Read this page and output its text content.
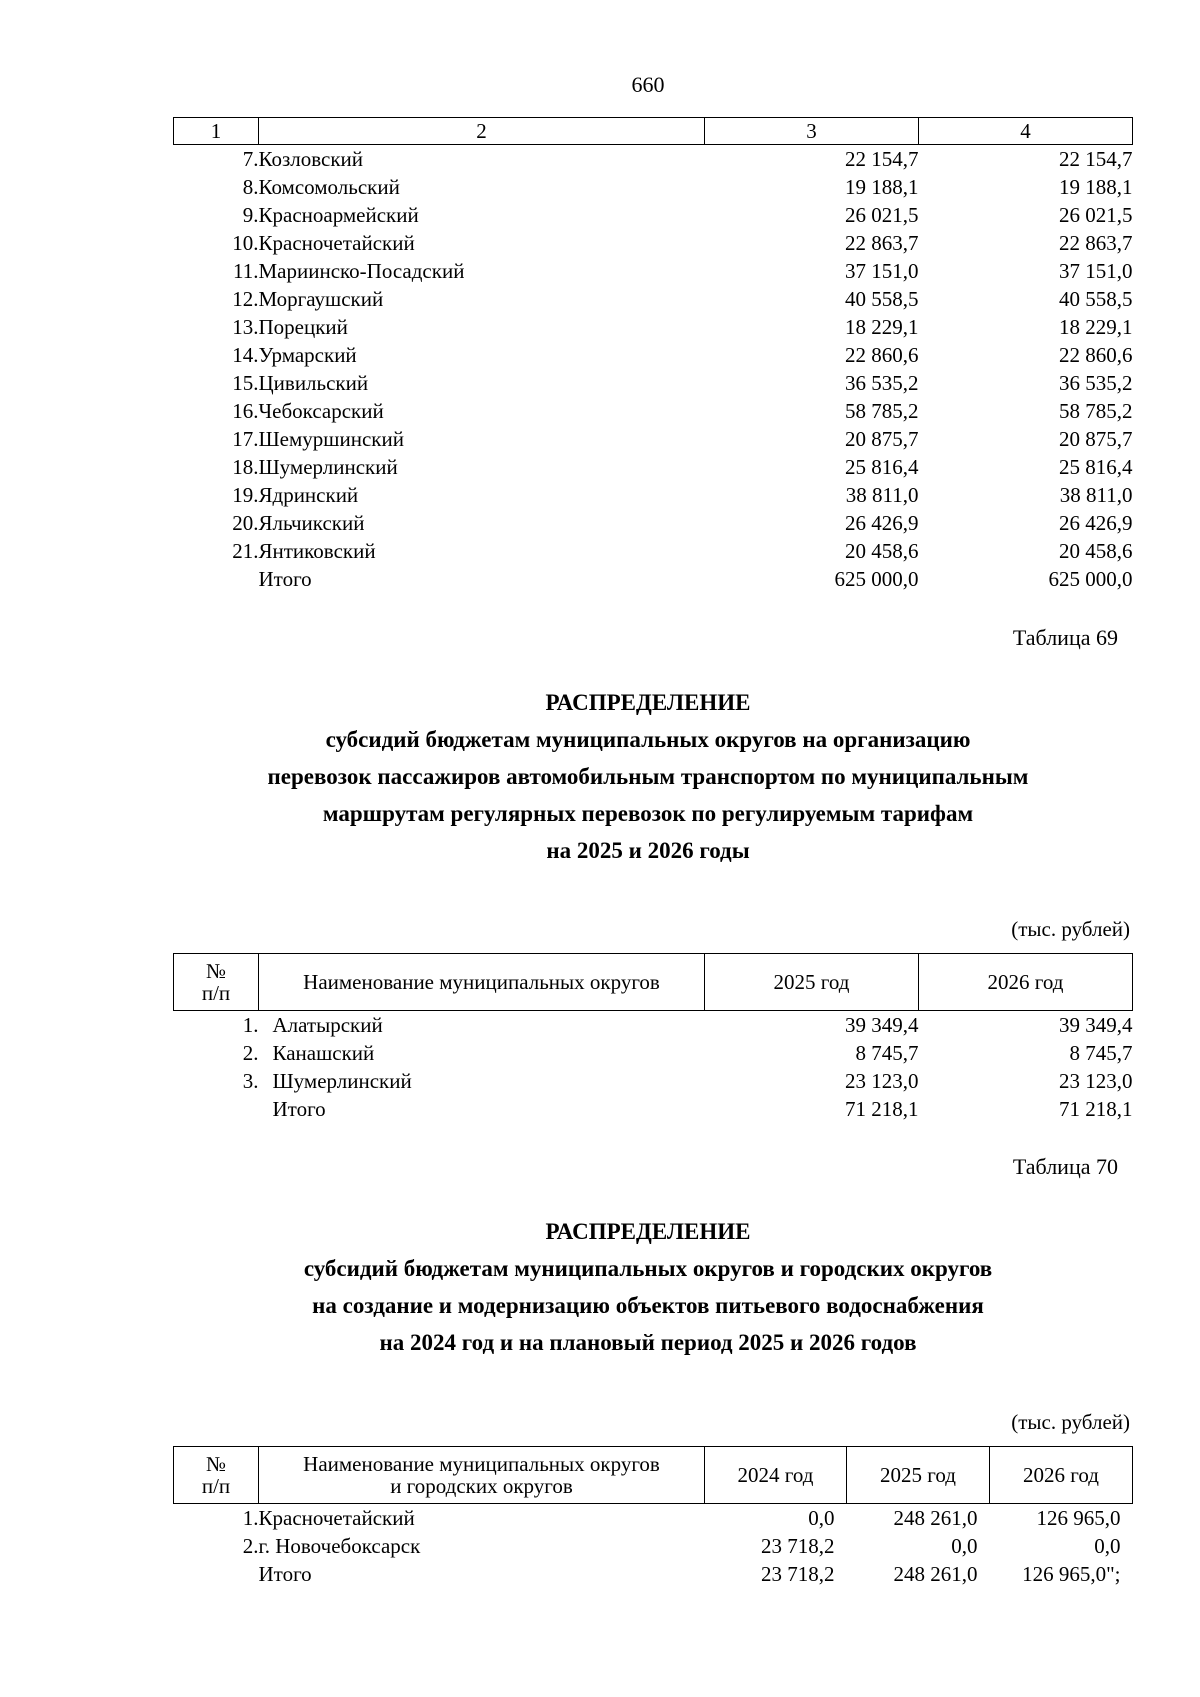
660
1	2	3	4
7.	Козловский	22 154,7	22 154,7
8.	Комсомольский	19 188,1	19 188,1
9.	Красноармейский	26 021,5	26 021,5
10.	Красночетайский	22 863,7	22 863,7
11.	Мариинско-Посадский	37 151,0	37 151,0
12.	Моргаушский	40 558,5	40 558,5
13.	Порецкий	18 229,1	18 229,1
14.	Урмарский	22 860,6	22 860,6
15.	Цивильский	36 535,2	36 535,2
16.	Чебоксарский	58 785,2	58 785,2
17.	Шемуршинский	20 875,7	20 875,7
18.	Шумерлинский	25 816,4	25 816,4
19.	Ядринский	38 811,0	38 811,0
20.	Яльчикский	26 426,9	26 426,9
21.	Янтиковский	20 458,6	20 458,6
	Итого	625 000,0	625 000,0
Таблица 69
РАСПРЕДЕЛЕНИЕ
субсидий бюджетам муниципальных округов на организацию
перевозок пассажиров автомобильным транспортом по муниципальным
маршрутам регулярных перевозок по регулируемым тарифам
на 2025 и 2026 годы
(тыс. рублей)
№
п/п	Наименование муниципальных округов	2025 год	2026 год
1.	Алатырский	39 349,4	39 349,4
2.	Канашский	8 745,7	8 745,7
3.	Шумерлинский	23 123,0	23 123,0
	Итого	71 218,1	71 218,1
Таблица 70
РАСПРЕДЕЛЕНИЕ
субсидий бюджетам муниципальных округов и городских округов
на создание и модернизацию объектов питьевого водоснабжения
на 2024 год и на плановый период 2025 и 2026 годов
(тыс. рублей)
№
п/п	Наименование муниципальных округов
и городских округов	2024 год	2025 год	2026 год
1.	Красночетайский	0,0	248 261,0	126 965,0
2.	г. Новочебоксарск	23 718,2	0,0	0,0
	Итого	23 718,2	248 261,0	126 965,0";
